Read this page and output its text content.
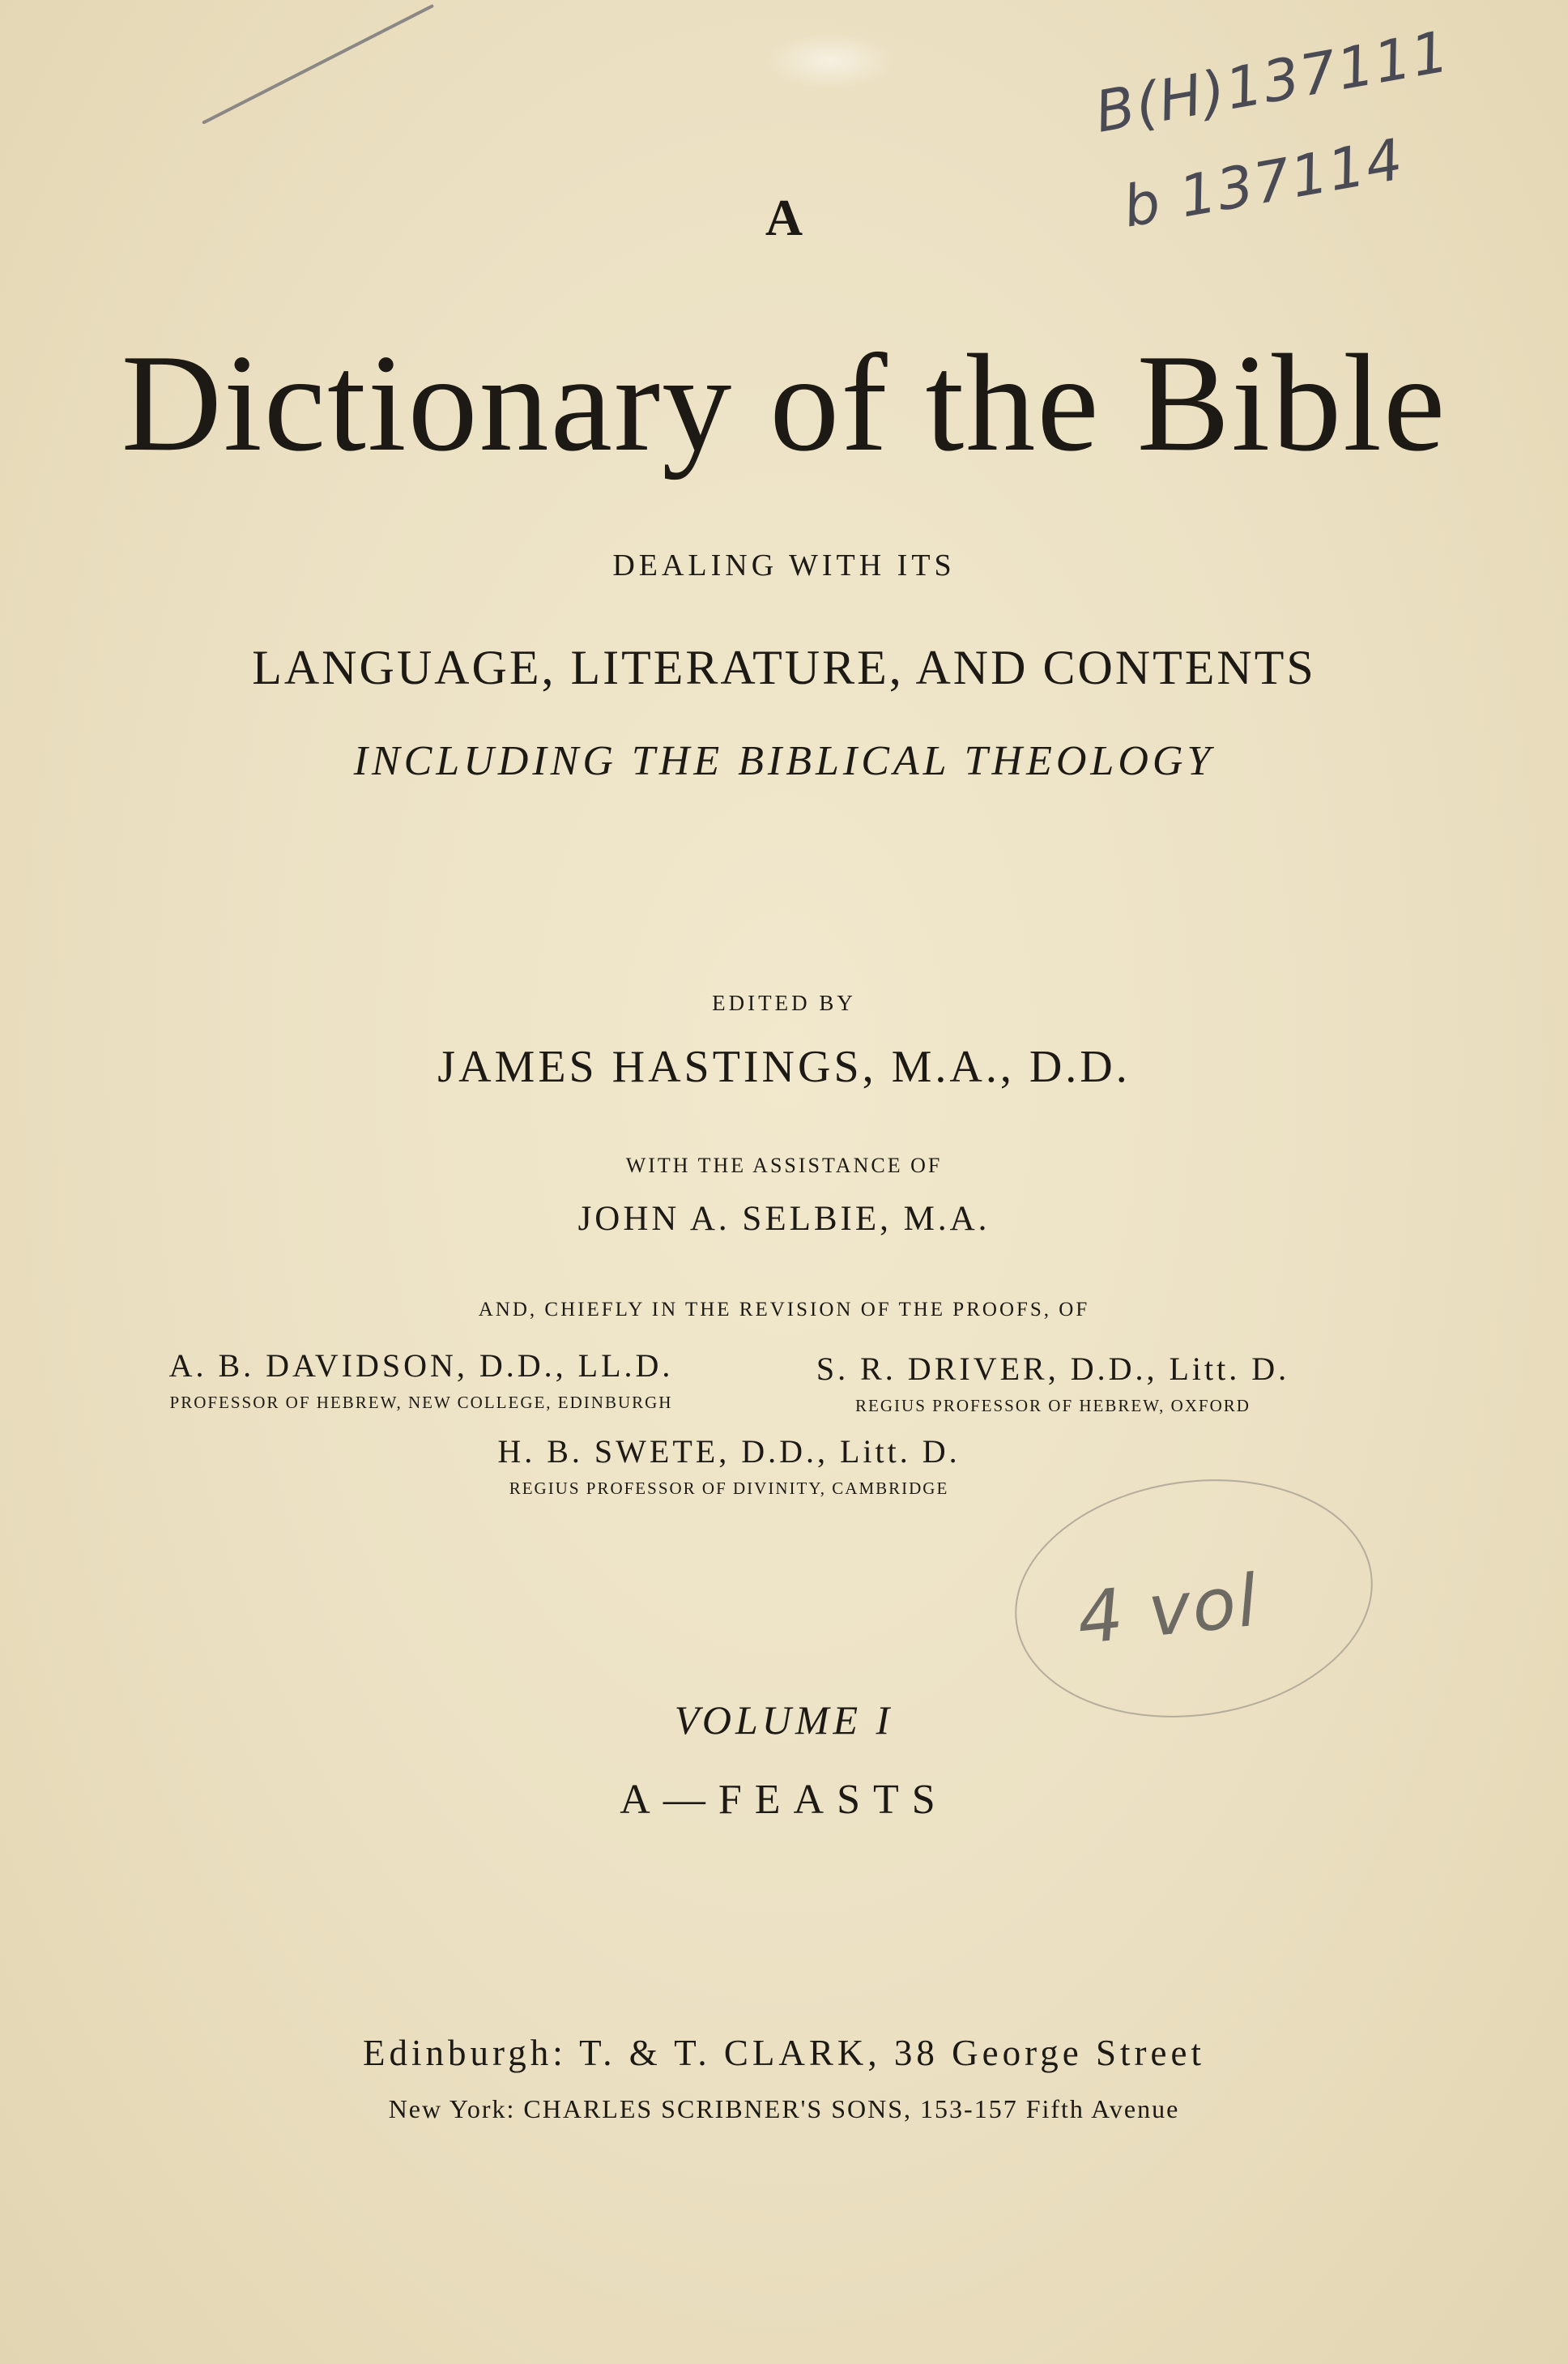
B(H)137111
b 137114
A
Dictionary of the Bible
DEALING WITH ITS
LANGUAGE, LITERATURE, AND CONTENTS
INCLUDING THE BIBLICAL THEOLOGY
EDITED BY
JAMES HASTINGS, M.A., D.D.
WITH THE ASSISTANCE OF
JOHN A. SELBIE, M.A.
AND, CHIEFLY IN THE REVISION OF THE PROOFS, OF
A. B. DAVIDSON, D.D., LL.D.
PROFESSOR OF HEBREW, NEW COLLEGE, EDINBURGH
S. R. DRIVER, D.D., Litt. D.
REGIUS PROFESSOR OF HEBREW, OXFORD
H. B. SWETE, D.D., Litt. D.
REGIUS PROFESSOR OF DIVINITY, CAMBRIDGE
4 vol
VOLUME I
A—FEASTS
Edinburgh: T. & T. CLARK, 38 George Street
New York: CHARLES SCRIBNER'S SONS, 153-157 Fifth Avenue
